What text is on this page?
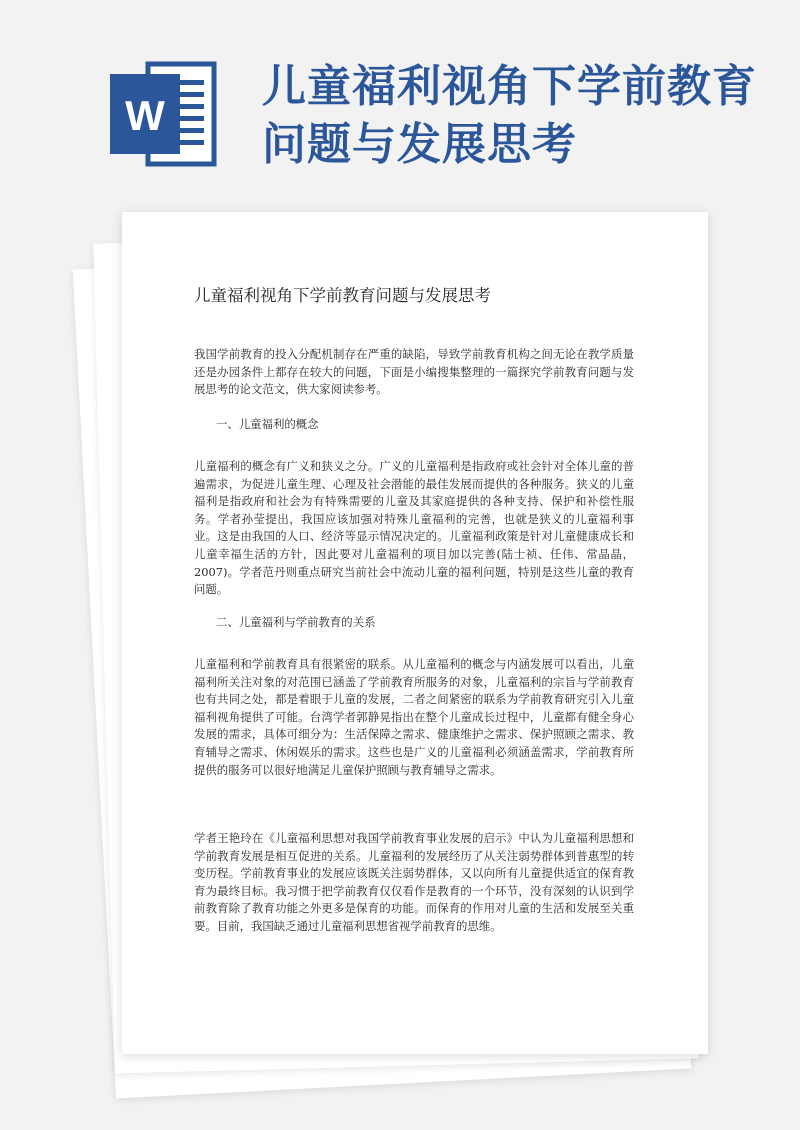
W
儿童福利视角下学前教育问题与发展思考
儿童福利视角下学前教育问题与发展思考
我国学前教育的投入分配机制存在严重的缺陷，导致学前教育机构之间无论在教学质量还是办园条件上都存在较大的问题，下面是小编搜集整理的一篇探究学前教育问题与发展思考的论文范文，供大家阅读参考。
一、儿童福利的概念
儿童福利的概念有广义和狭义之分。广义的儿童福利是指政府或社会针对全体儿童的普遍需求，为促进儿童生理、心理及社会潜能的最佳发展而提供的各种服务。狭义的儿童福利是指政府和社会为有特殊需要的儿童及其家庭提供的各种支持、保护和补偿性服务。学者孙莹提出，我国应该加强对特殊儿童福利的完善，也就是狭义的儿童福利事业。这是由我国的人口、经济等显示情况决定的。儿童福利政策是针对儿童健康成长和儿童幸福生活的方针，因此要对儿童福利的项目加以完善(陆士祯、任伟、常晶晶，2007)。学者范丹则重点研究当前社会中流动儿童的福利问题，特别是这些儿童的教育问题。
二、儿童福利与学前教育的关系
儿童福利和学前教育具有很紧密的联系。从儿童福利的概念与内涵发展可以看出，儿童福利所关注对象的对范围已涵盖了学前教育所服务的对象，儿童福利的宗旨与学前教育也有共同之处，都是着眼于儿童的发展，二者之间紧密的联系为学前教育研究引入儿童福利视角提供了可能。台湾学者郭静晃指出在整个儿童成长过程中，儿童都有健全身心发展的需求，具体可细分为：生活保障之需求、健康维护之需求、保护照顾之需求、教育辅导之需求、休闲娱乐的需求。这些也是广义的儿童福利必须涵盖需求，学前教育所提供的服务可以很好地满足儿童保护照顾与教育辅导之需求。
学者王艳玲在《儿童福利思想对我国学前教育事业发展的启示》中认为儿童福利思想和学前教育发展是相互促进的关系。儿童福利的发展经历了从关注弱势群体到普惠型的转变历程。学前教育事业的发展应该既关注弱势群体，又以向所有儿童提供适宜的保育教育为最终目标。我习惯于把学前教育仅仅看作是教育的一个环节，没有深刻的认识到学前教育除了教育功能之外更多是保育的功能。而保育的作用对儿童的生活和发展至关重要。目前，我国缺乏通过儿童福利思想省视学前教育的思维。
